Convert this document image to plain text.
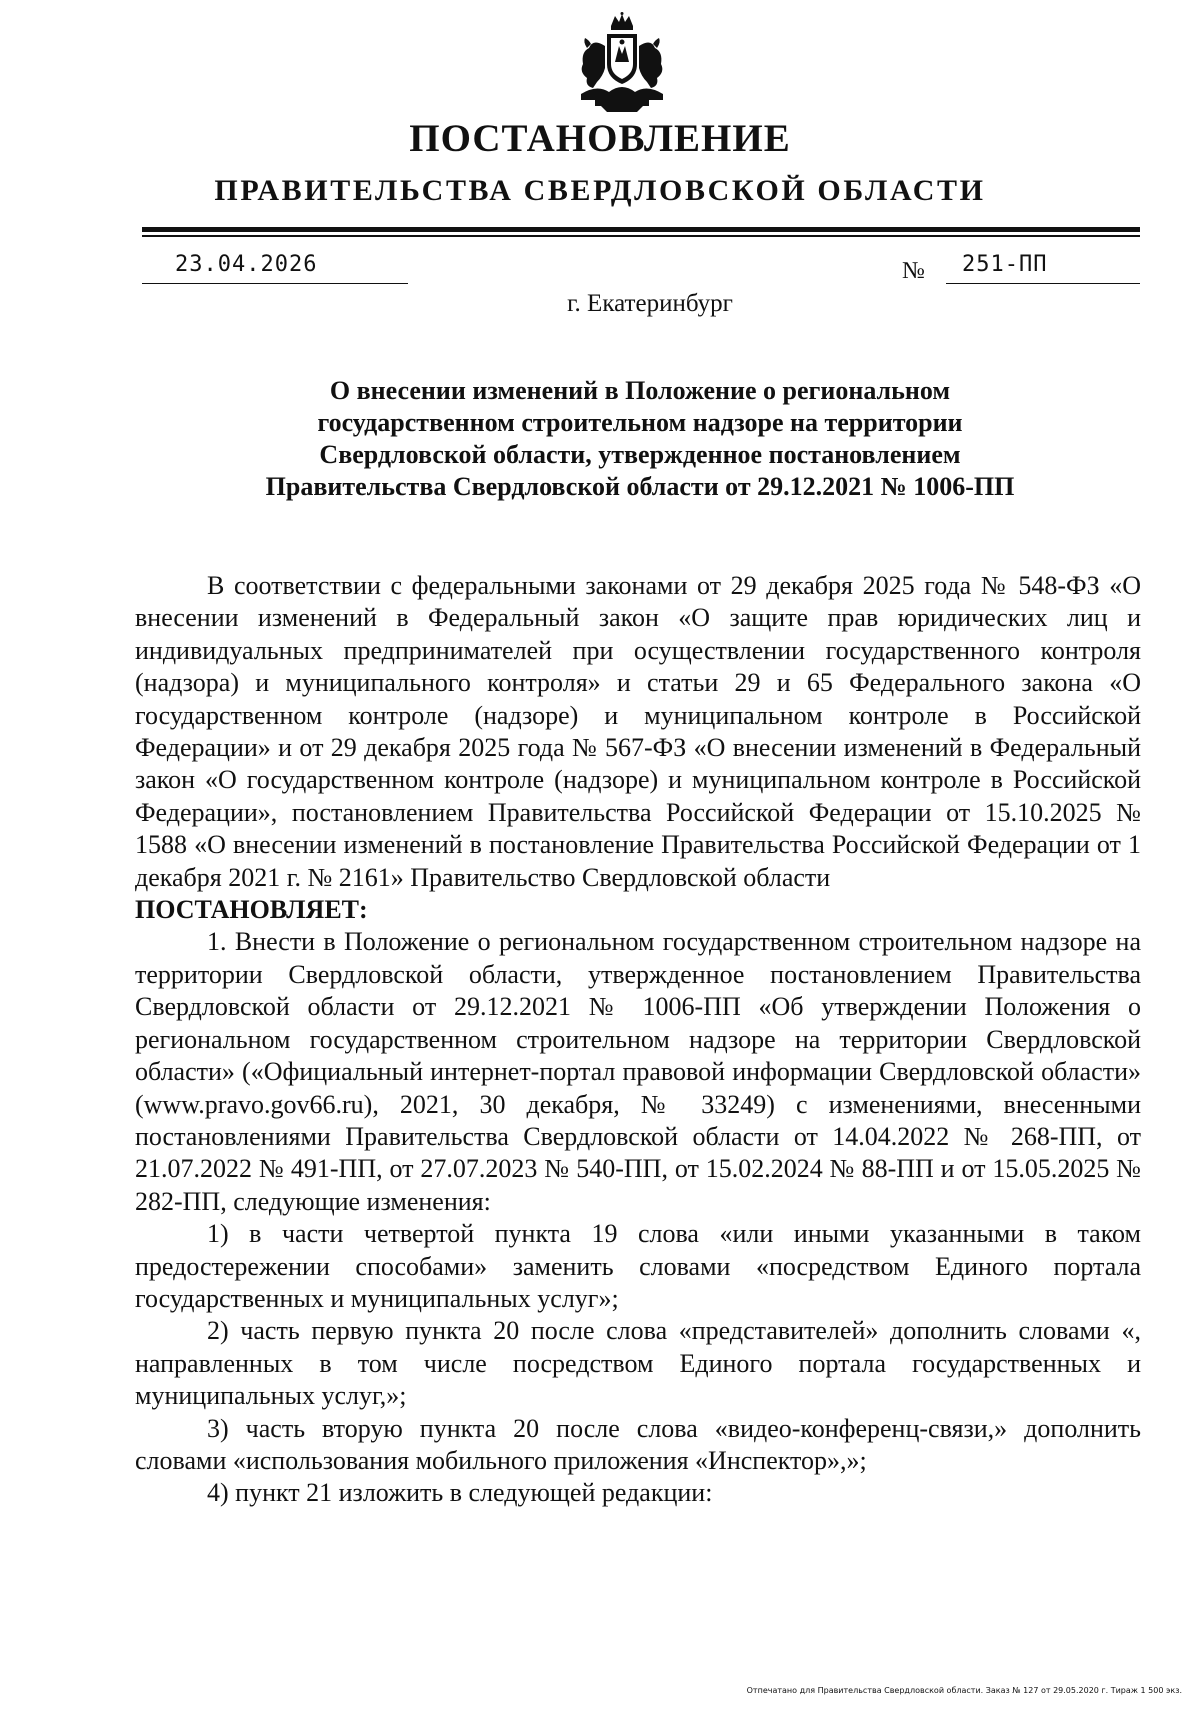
ПОСТАНОВЛЕНИЕ
ПРАВИТЕЛЬСТВА СВЕРДЛОВСКОЙ ОБЛАСТИ
23.04.2026	№ 251-ПП
г. Екатеринбург
О внесении изменений в Положение о региональном
государственном строительном надзоре на территории
Свердловской области, утвержденное постановлением
Правительства Свердловской области от 29.12.2021 № 1006-ПП

В соответствии с федеральными законами от 29 декабря 2025 года № 548-ФЗ «О внесении изменений в Федеральный закон «О защите прав юридических лиц и индивидуальных предпринимателей при осуществлении государственного контроля (надзора) и муниципального контроля» и статьи 29 и 65 Федерального закона «О государственном контроле (надзоре) и муниципальном контроле в Российской Федерации» и от 29 декабря 2025 года № 567-ФЗ «О внесении изменений в Федеральный закон «О государственном контроле (надзоре) и муниципальном контроле в Российской Федерации», постановлением Правительства Российской Федерации от 15.10.2025 № 1588 «О внесении изменений в постановление Правительства Российской Федерации от 1 декабря 2021 г. № 2161» Правительство Свердловской области

ПОСТАНОВЛЯЕТ:

1. Внести в Положение о региональном государственном строительном надзоре на территории Свердловской области, утвержденное постановлением Правительства Свердловской области от 29.12.2021 № 1006-ПП «Об утверждении Положения о региональном государственном строительном надзоре на территории Свердловской области» («Официальный интернет-портал правовой информации Свердловской области» (www.pravo.gov66.ru), 2021, 30 декабря, № 33249) с изменениями, внесенными постановлениями Правительства Свердловской области от 14.04.2022 № 268-ПП, от 21.07.2022 № 491-ПП, от 27.07.2023 № 540-ПП, от 15.02.2024 № 88-ПП и от 15.05.2025 № 282-ПП, следующие изменения:

1) в части четвертой пункта 19 слова «или иными указанными в таком предостережении способами» заменить словами «посредством Единого портала государственных и муниципальных услуг»;

2) часть первую пункта 20 после слова «представителей» дополнить словами «, направленных в том числе посредством Единого портала государственных и муниципальных услуг,»;

3) часть вторую пункта 20 после слова «видео-конференц-связи,» дополнить словами «использования мобильного приложения «Инспектор»,»;

4) пункт 21 изложить в следующей редакции:

Отпечатано для Правительства Свердловской области. Заказ № 127 от 29.05.2020 г. Тираж 1 500 экз.
